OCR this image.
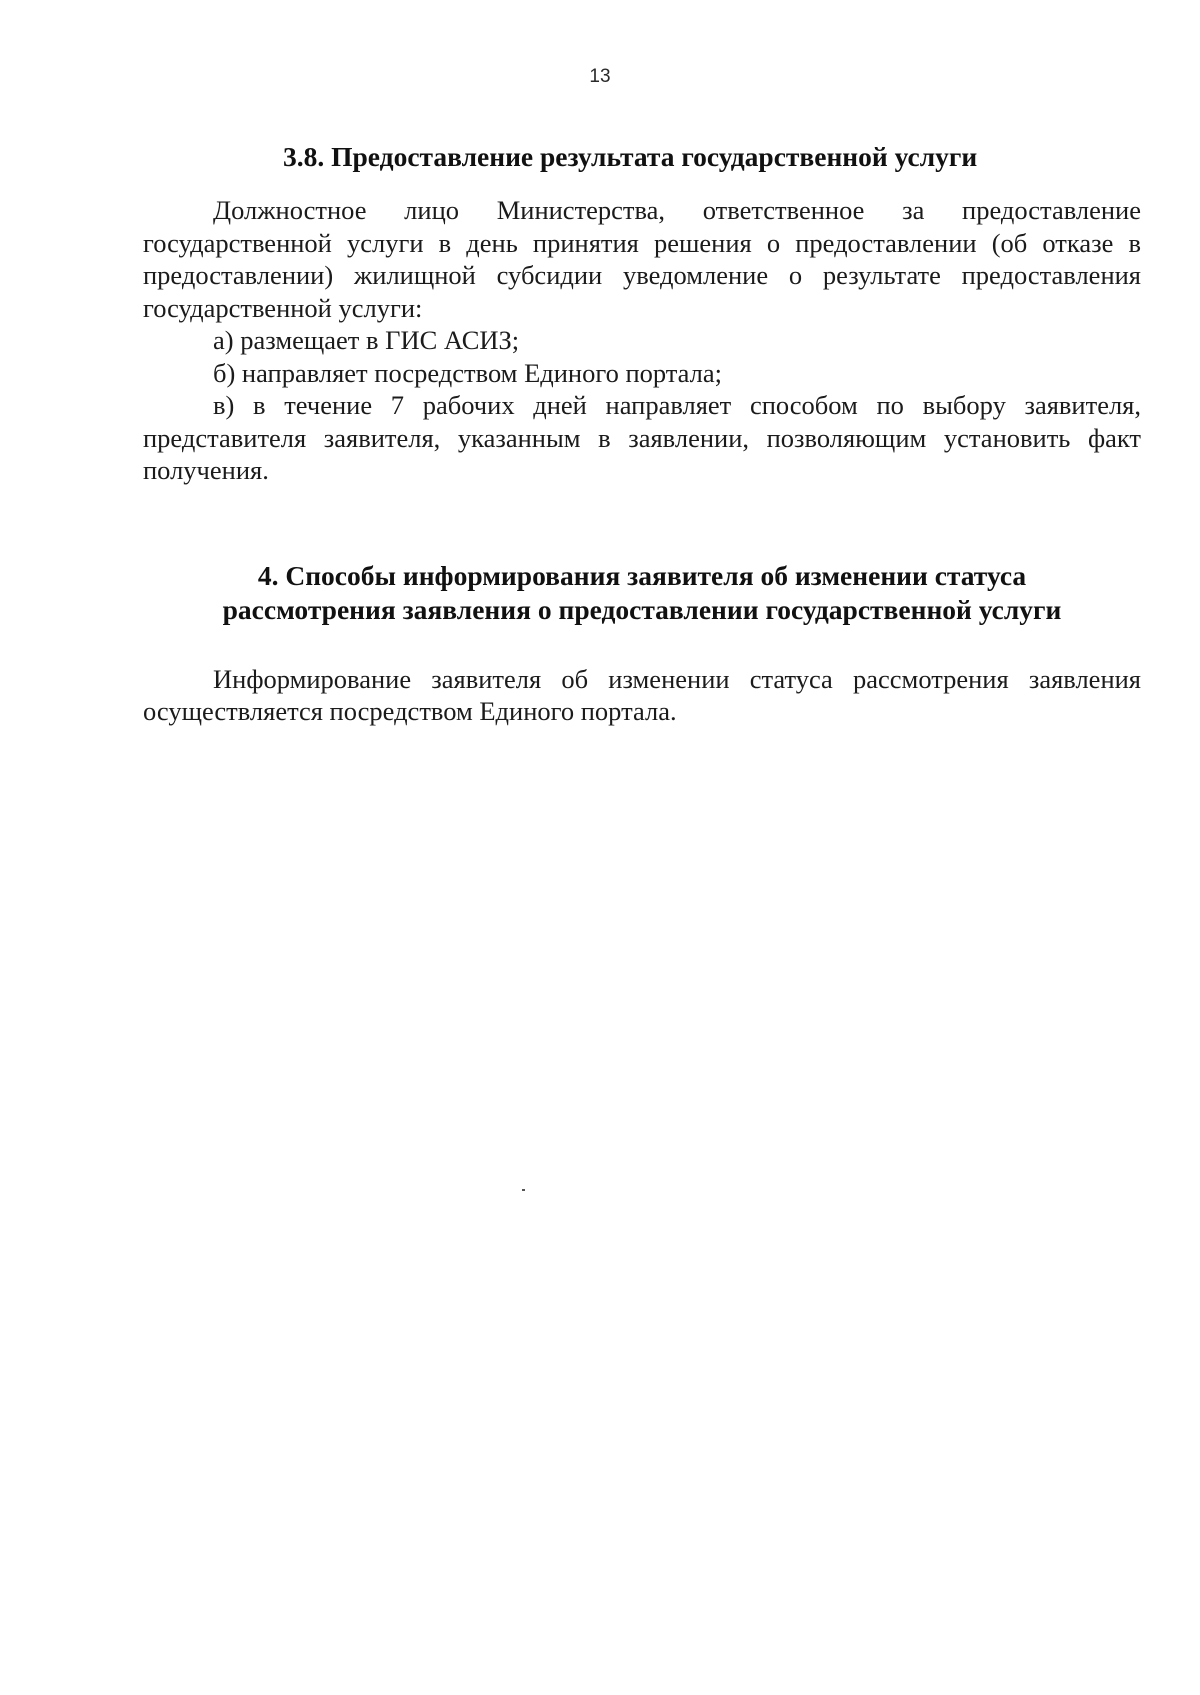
13
3.8. Предоставление результата государственной услуги

Должностное лицо Министерства, ответственное за предоставление государственной услуги в день принятия решения о предоставлении (об отказе в предоставлении) жилищной субсидии уведомление о результате предоставления государственной услуги:

а) размещает в ГИС АСИЗ;

б) направляет посредством Единого портала;

в) в течение 7 рабочих дней направляет способом по выбору заявителя, представителя заявителя, указанным в заявлении, позволяющим установить факт получения.

4. Способы информирования заявителя об изменении статуса
рассмотрения заявления о предоставлении государственной услуги

Информирование заявителя об изменении статуса рассмотрения заявления осуществляется посредством Единого портала.
